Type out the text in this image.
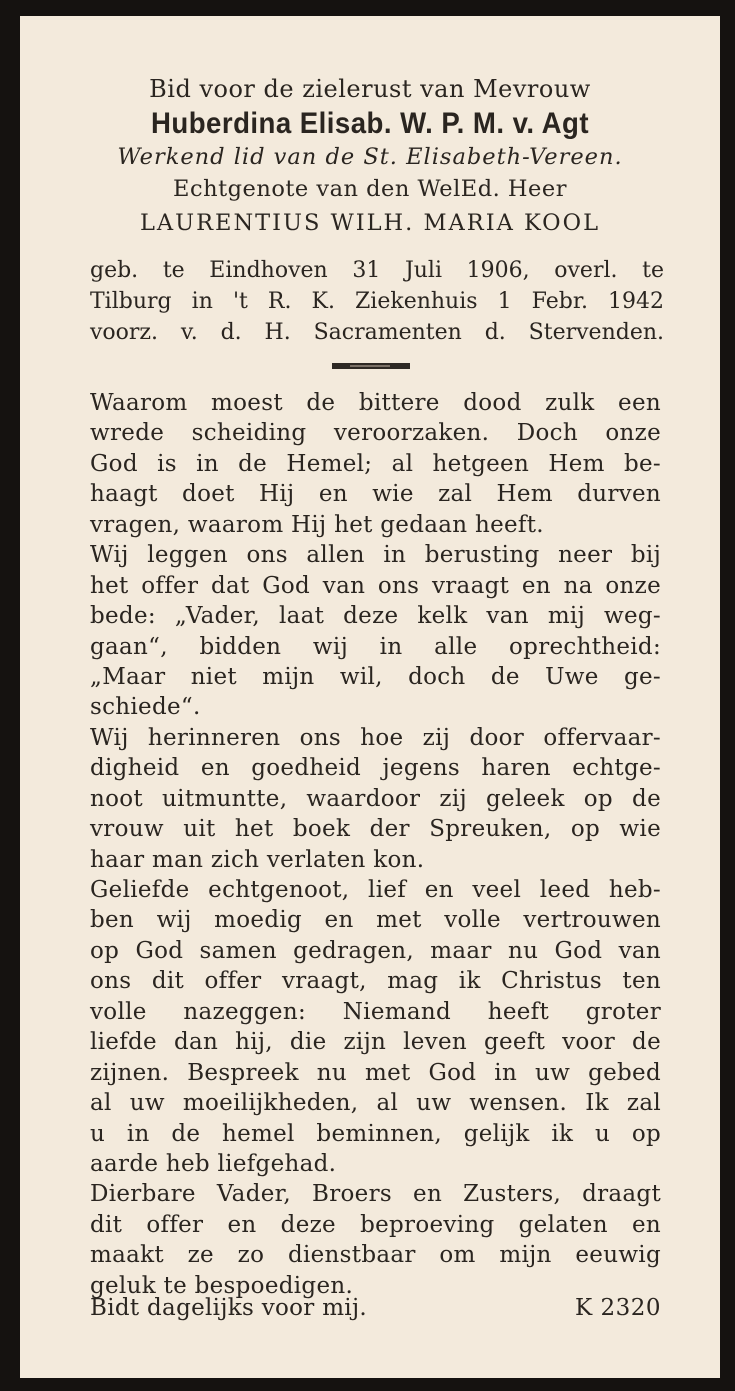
Bid voor de zielerust van Mevrouw
Huberdina Elisab. W. P. M. v. Agt
Werkend lid van de St. Elisabeth-Vereen.
Echtgenote van den WelEd. Heer
LAURENTIUS WILH. MARIA KOOL
geb. te Eindhoven 31 Juli 1906, overl. te
Tilburg in 't R. K. Ziekenhuis 1 Febr. 1942
voorz. v. d. H. Sacramenten d. Stervenden.
Waarom moest de bittere dood zulk een
wrede scheiding veroorzaken. Doch onze
God is in de Hemel; al hetgeen Hem be-
haagt doet Hij en wie zal Hem durven
vragen, waarom Hij het gedaan heeft.
Wij leggen ons allen in berusting neer bij
het offer dat God van ons vraagt en na onze
bede: „Vader, laat deze kelk van mij weg-
gaan“, bidden wij in alle oprechtheid:
„Maar niet mijn wil, doch de Uwe ge-
schiede“.
Wij herinneren ons hoe zij door offervaar-
digheid en goedheid jegens haren echtge-
noot uitmuntte, waardoor zij geleek op de
vrouw uit het boek der Spreuken, op wie
haar man zich verlaten kon.
Geliefde echtgenoot, lief en veel leed heb-
ben wij moedig en met volle vertrouwen
op God samen gedragen, maar nu God van
ons dit offer vraagt, mag ik Christus ten
volle nazeggen: Niemand heeft groter
liefde dan hij, die zijn leven geeft voor de
zijnen. Bespreek nu met God in uw gebed
al uw moeilijkheden, al uw wensen. Ik zal
u in de hemel beminnen, gelijk ik u op
aarde heb liefgehad.
Dierbare Vader, Broers en Zusters, draagt
dit offer en deze beproeving gelaten en
maakt ze zo dienstbaar om mijn eeuwig
geluk te bespoedigen.
Bidt dagelijks voor mij.	K 2320
